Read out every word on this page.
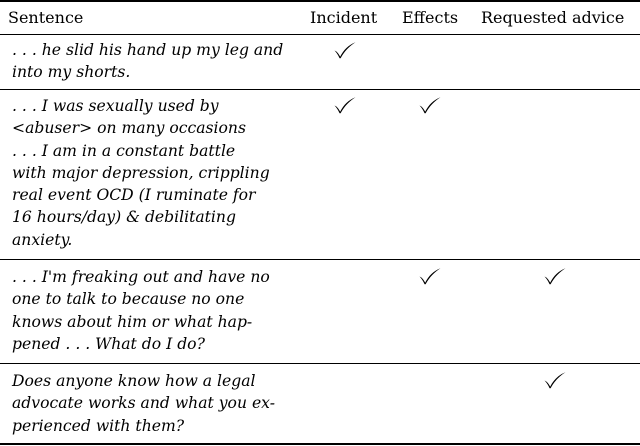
Sentence	Incident Effects Requested advice
. . . he slid his hand up my leg and
into my shorts.
. . . I was sexually used by
<abuser> on many occasions
. . . I am in a constant battle
with major depression, crippling
real event OCD (I ruminate for
16 hours/day) & debilitating
anxiety.
. . . I'm freaking out and have no
one to talk to because no one
knows about him or what hap-
pened . . . What do I do?
Does anyone know how a legal
advocate works and what you ex-
perienced with them?
